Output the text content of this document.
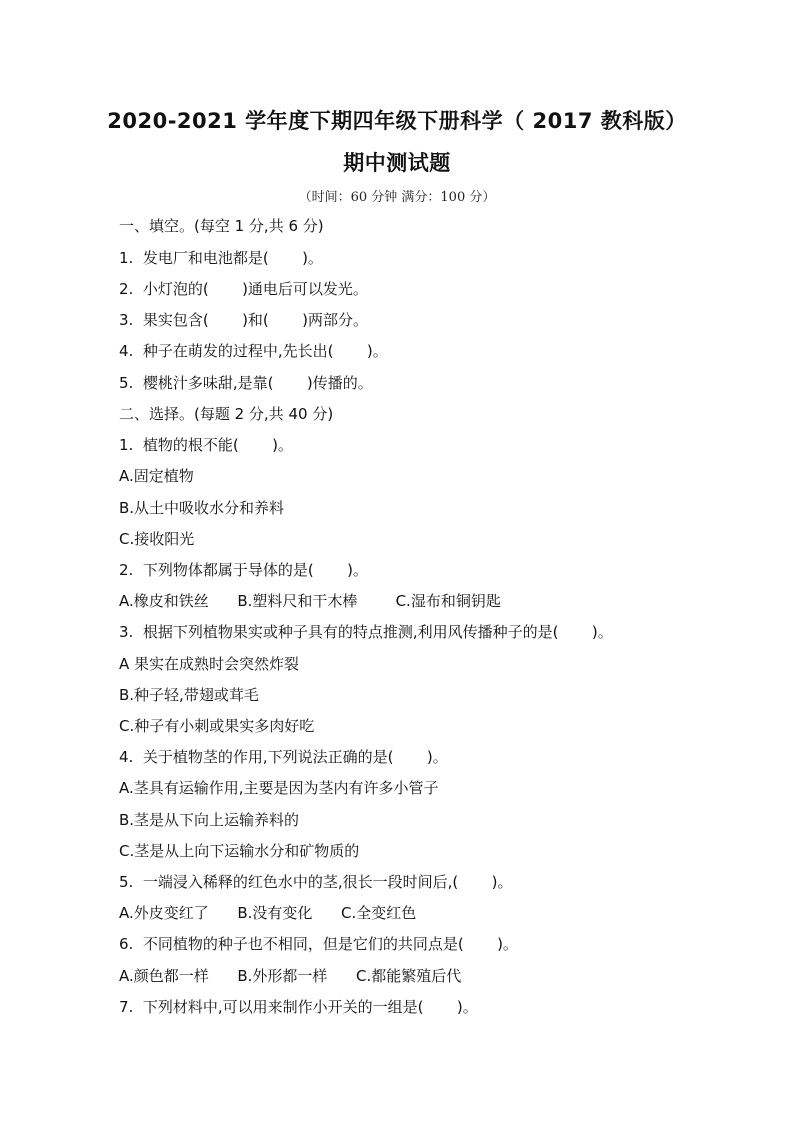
2020-2021 学年度下期四年级下册科学（ 2017 教科版）
期中测试题
（时间：60 分钟 满分：100 分）
一、填空。(每空 1 分,共 6 分)
1.  发电厂和电池都是(       )。
2.  小灯泡的(       )通电后可以发光。
3.  果实包含(       )和(       )两部分。
4.  种子在萌发的过程中,先长出(       )。
5.  樱桃汁多味甜,是靠(       )传播的。
二、选择。(每题 2 分,共 40 分)
1.  植物的根不能(       )。
A.固定植物
B.从土中吸收水分和养料
C.接收阳光
2.  下列物体都属于导体的是(       )。
A.橡皮和铁丝      B.塑料尺和干木棒        C.湿布和铜钥匙
3.  根据下列植物果实或种子具有的特点推测,利用风传播种子的是(       )。
A 果实在成熟时会突然炸裂
B.种子轻,带翅或茸毛
C.种子有小刺或果实多肉好吃
4.  关于植物茎的作用,下列说法正确的是(       )。
A.茎具有运输作用,主要是因为茎内有许多小管子
B.茎是从下向上运输养料的
C.茎是从上向下运输水分和矿物质的
5.  一端浸入稀释的红色水中的茎,很长一段时间后,(       )。
A.外皮变红了      B.没有变化      C.全变红色
6.  不同植物的种子也不相同，但是它们的共同点是(       )。
A.颜色都一样      B.外形都一样      C.都能繁殖后代
7.  下列材料中,可以用来制作小开关的一组是(       )。
